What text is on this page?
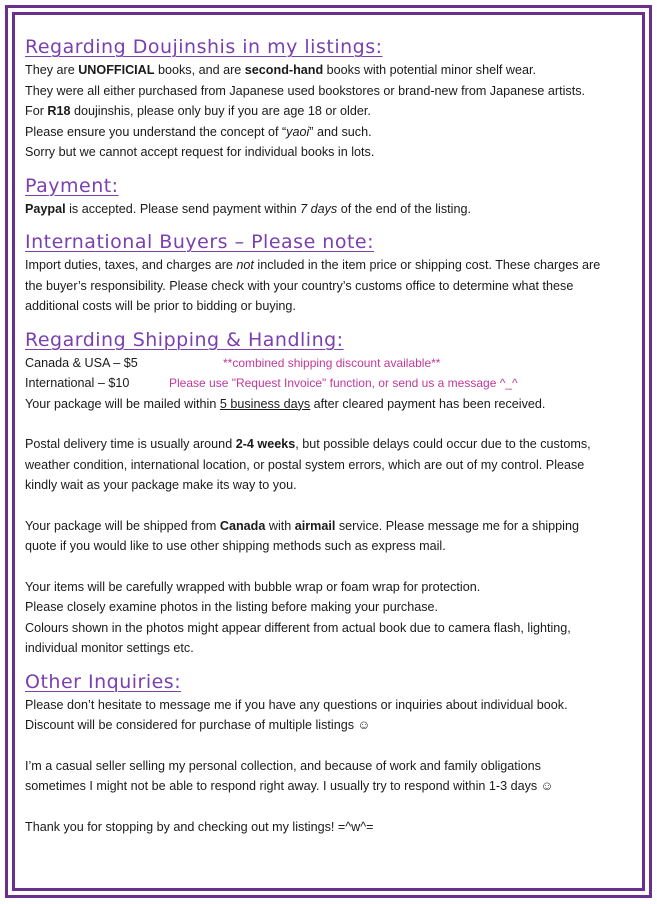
Regarding Doujinshis in my listings:

They are UNOFFICIAL books, and are second-hand books with potential minor shelf wear.

They were all either purchased from Japanese used bookstores or brand-new from Japanese artists.

For R18 doujinshis, please only buy if you are age 18 or older.

Please ensure you understand the concept of “yaoi” and such.

Sorry but we cannot accept request for individual books in lots.

Payment:

Paypal is accepted. Please send payment within 7 days of the end of the listing.

International Buyers – Please note:

Import duties, taxes, and charges are not included in the item price or shipping cost. These charges are

the buyer’s responsibility. Please check with your country’s customs office to determine what these

additional costs will be prior to bidding or buying.

Regarding Shipping & Handling:
Canada & USA – $5	**combined shipping discount available**
International – $10	Please use "Request Invoice" function, or send us a message ^_^

Your package will be mailed within 5 business days after cleared payment has been received.

Postal delivery time is usually around 2-4 weeks, but possible delays could occur due to the customs,

weather condition, international location, or postal system errors, which are out of my control. Please

kindly wait as your package make its way to you.

Your package will be shipped from Canada with airmail service. Please message me for a shipping

quote if you would like to use other shipping methods such as express mail.

Your items will be carefully wrapped with bubble wrap or foam wrap for protection.

Please closely examine photos in the listing before making your purchase.

Colours shown in the photos might appear different from actual book due to camera flash, lighting,

individual monitor settings etc.

Other Inquiries:

Please don’t hesitate to message me if you have any questions or inquiries about individual book.

Discount will be considered for purchase of multiple listings ☺

I’m a casual seller selling my personal collection, and because of work and family obligations

sometimes I might not be able to respond right away. I usually try to respond within 1-3 days ☺

Thank you for stopping by and checking out my listings! =^w^=
